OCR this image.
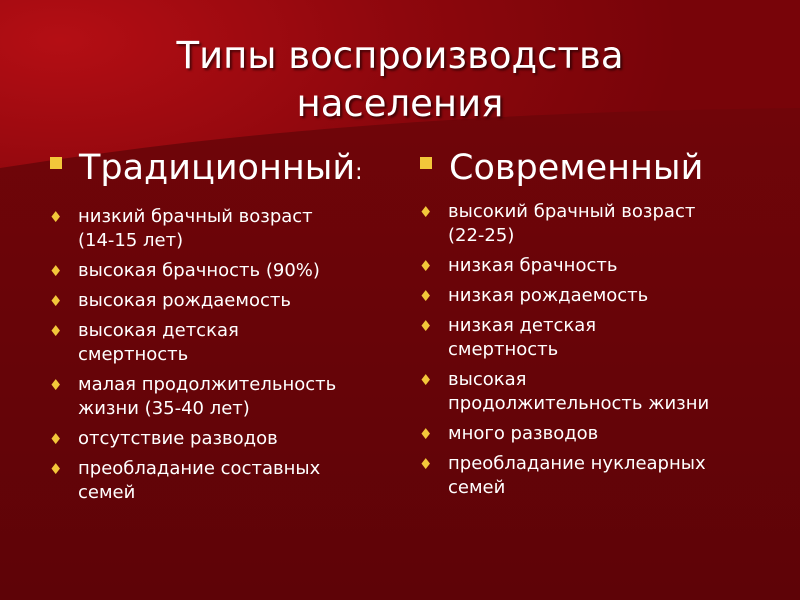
Типы воспроизводства
населения
Традиционный:
♦ низкий брачный возраст
(14-15 лет)
♦ высокая брачность (90%)
♦ высокая рождаемость
♦ высокая детская
смертность
♦ малая продолжительность
жизни (35-40 лет)
♦ отсутствие разводов
♦ преобладание составных
семей
Современный
♦ высокий брачный возраст
(22-25)
♦ низкая брачность
♦ низкая рождаемость
♦ низкая детская
смертность
♦ высокая
продолжительность жизни
♦ много разводов
♦ преобладание нуклеарных
семей
